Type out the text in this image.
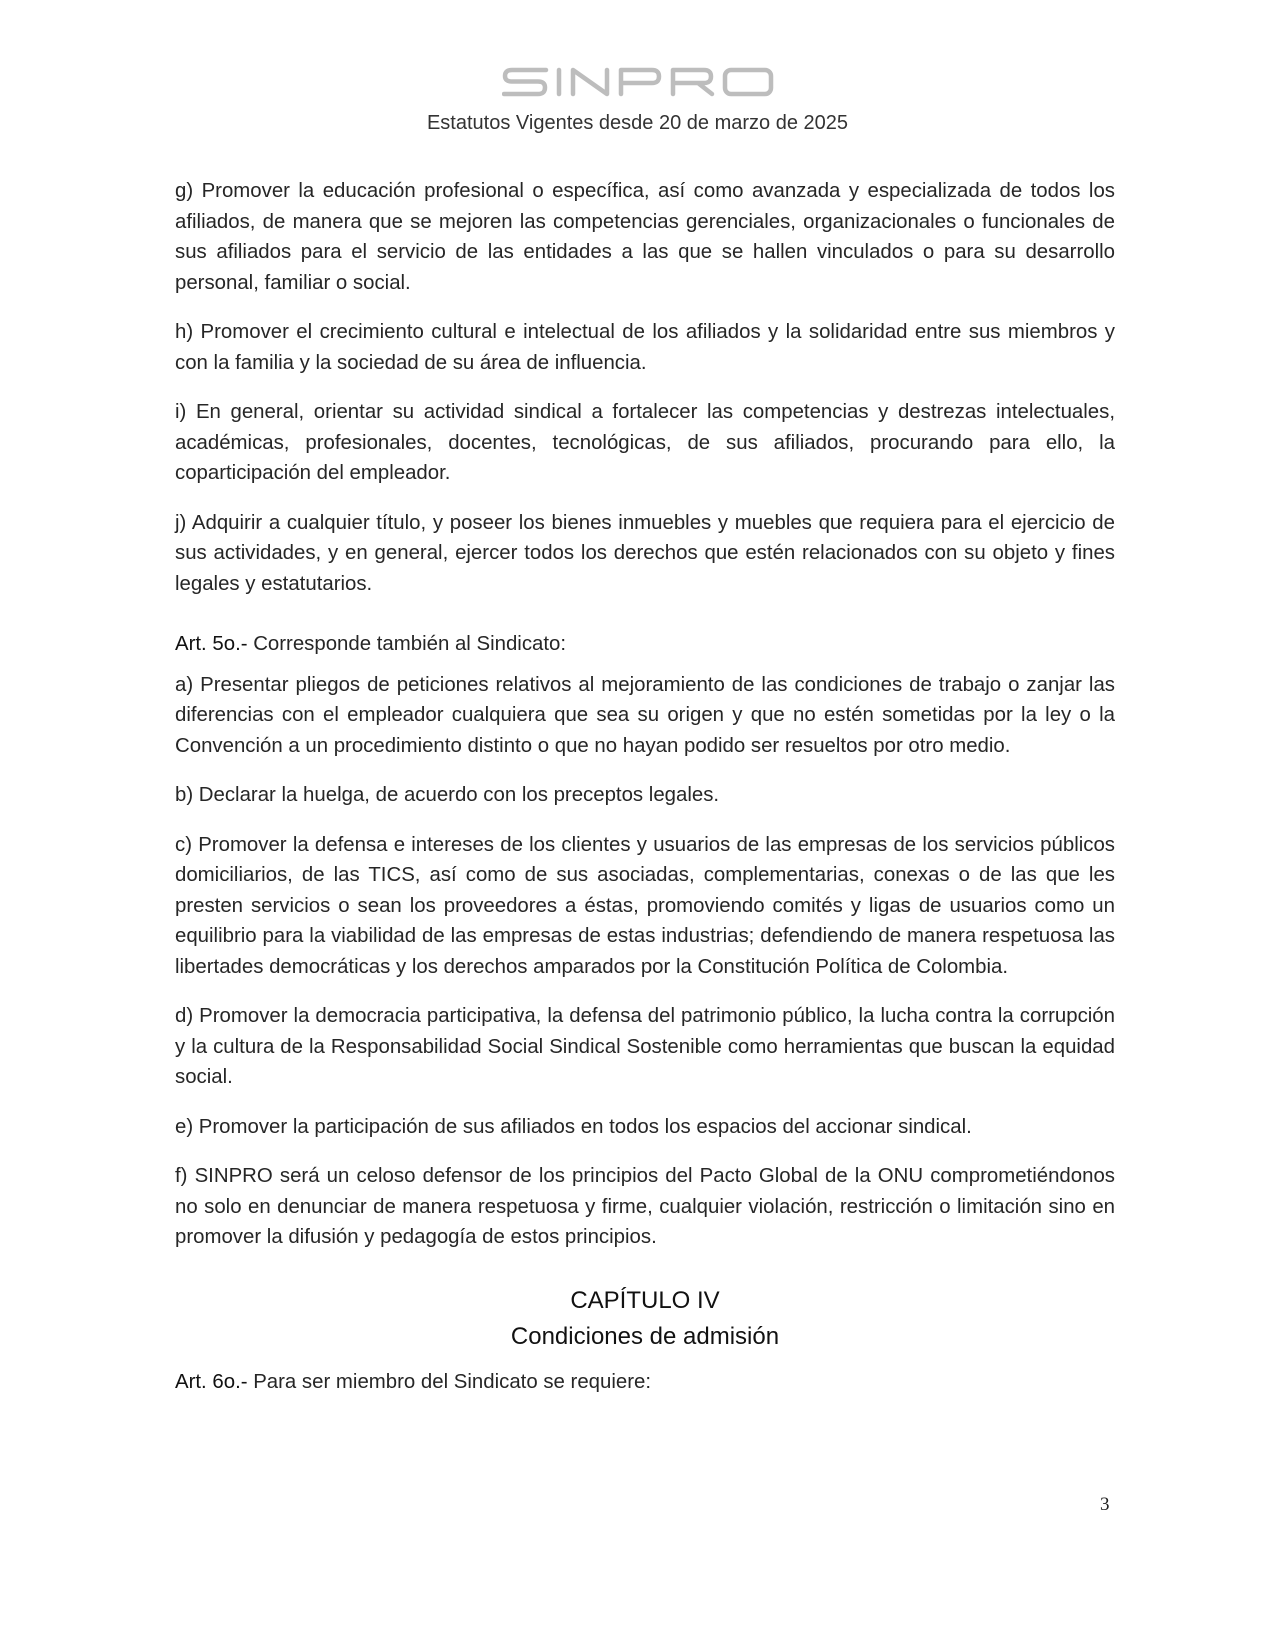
Estatutos Vigentes desde 20 de marzo de 2025

g) Promover la educación profesional o específica, así como avanzada y especializada de todos los afiliados, de manera que se mejoren las competencias gerenciales, organizacionales o funcionales de sus afiliados para el servicio de las entidades a las que se hallen vinculados o para su desarrollo personal, familiar o social.

h) Promover el crecimiento cultural e intelectual de los afiliados y la solidaridad entre sus miembros y con la familia y la sociedad de su área de influencia.

i) En general, orientar su actividad sindical a fortalecer las competencias y destrezas intelectuales, académicas, profesionales, docentes, tecnológicas, de sus afiliados, procurando para ello, la coparticipación del empleador.

j) Adquirir a cualquier título, y poseer los bienes inmuebles y muebles que requiera para el ejercicio de sus actividades, y en general, ejercer todos los derechos que estén relacionados con su objeto y fines legales y estatutarios.

Art. 5o.- Corresponde también al Sindicato:

a) Presentar pliegos de peticiones relativos al mejoramiento de las condiciones de trabajo o zanjar las diferencias con el empleador cualquiera que sea su origen y que no estén sometidas por la ley o la Convención a un procedimiento distinto o que no hayan podido ser resueltos por otro medio.

b) Declarar la huelga, de acuerdo con los preceptos legales.

c) Promover la defensa e intereses de los clientes y usuarios de las empresas de los servicios públicos domiciliarios, de las TICS, así como de sus asociadas, complementarias, conexas o de las que les presten servicios o sean los proveedores a éstas, promoviendo comités y ligas de usuarios como un equilibrio para la viabilidad de las empresas de estas industrias; defendiendo de manera respetuosa las libertades democráticas y los derechos amparados por la Constitución Política de Colombia.

d) Promover la democracia participativa, la defensa del patrimonio público, la lucha contra la corrupción y la cultura de la Responsabilidad Social Sindical Sostenible como herramientas que buscan la equidad social.

e) Promover la participación de sus afiliados en todos los espacios del accionar sindical.

f) SINPRO será un celoso defensor de los principios del Pacto Global de la ONU comprometiéndonos no solo en denunciar de manera respetuosa y firme, cualquier violación, restricción o limitación sino en promover la difusión y pedagogía de estos principios.

CAPÍTULO IV
Condiciones de admisión

Art. 6o.- Para ser miembro del Sindicato se requiere:

3
